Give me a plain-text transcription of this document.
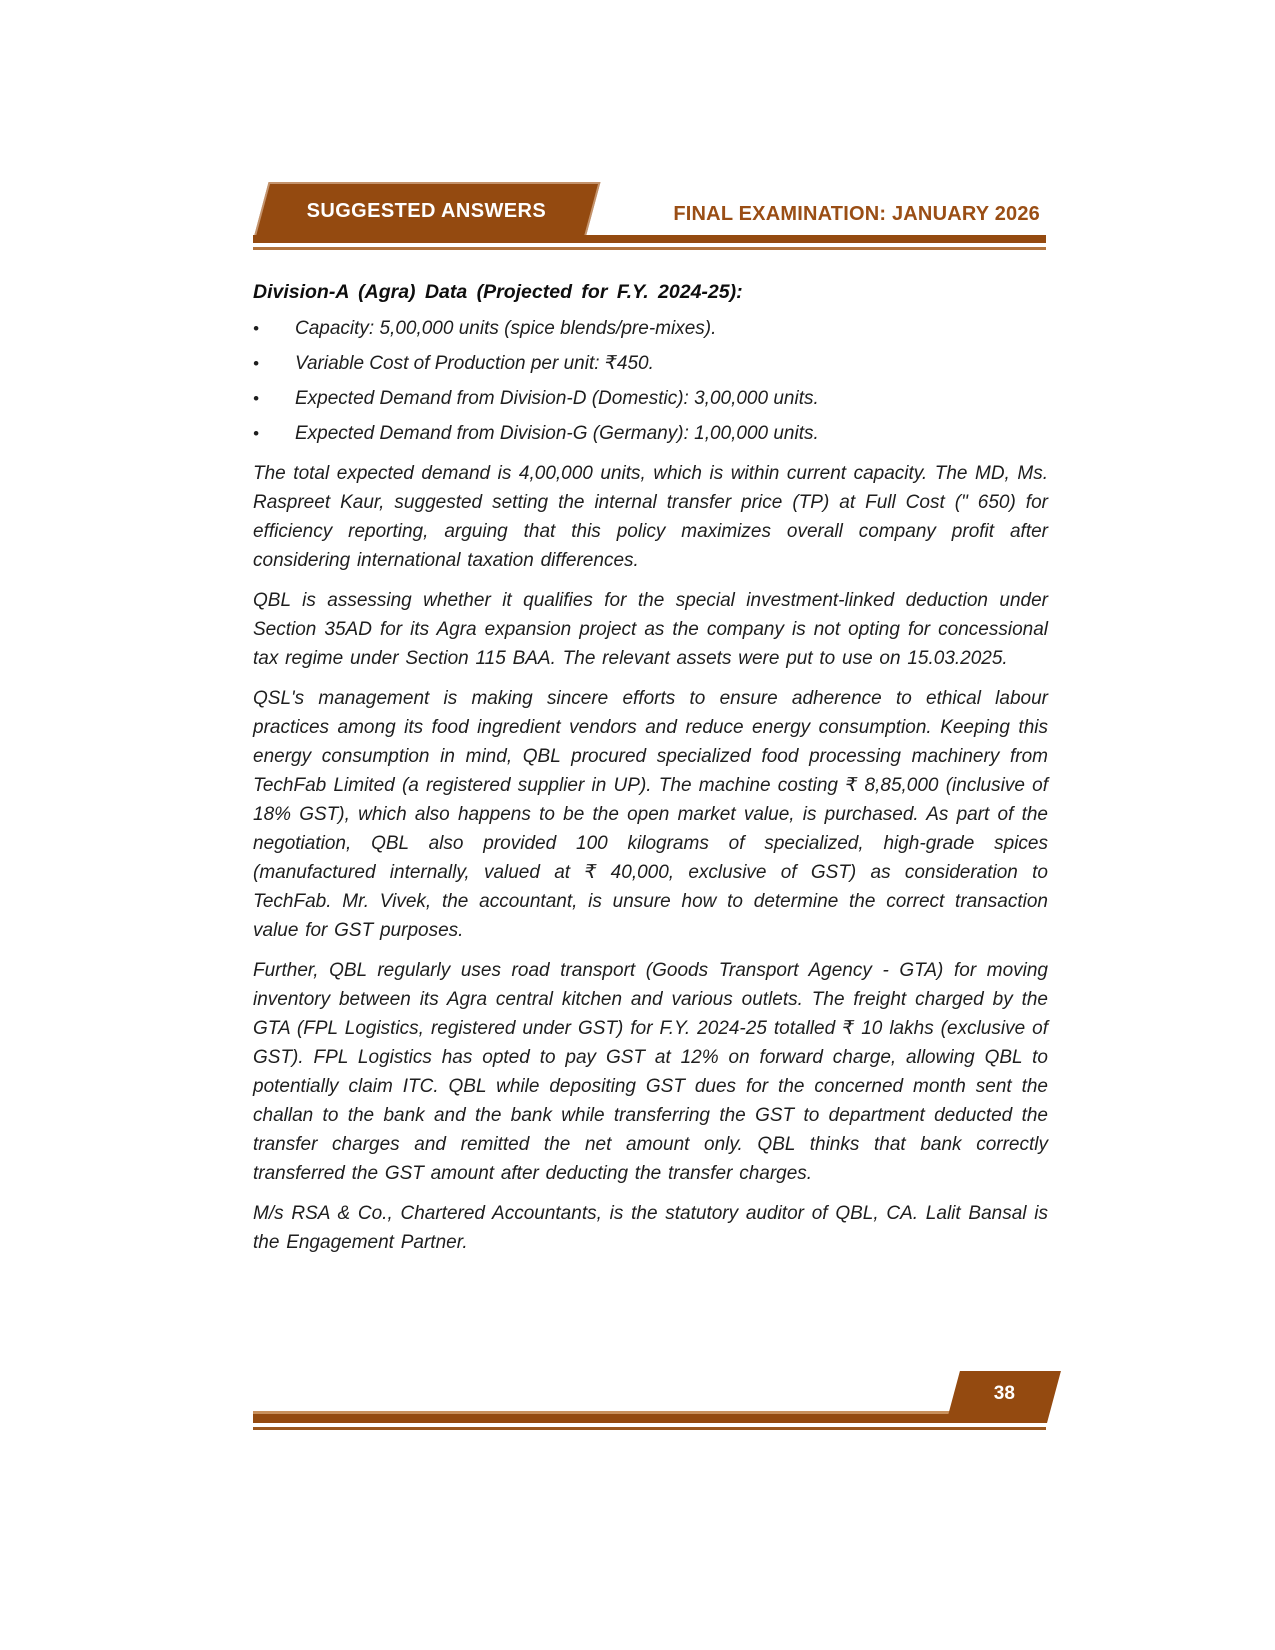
SUGGESTED ANSWERS	FINAL EXAMINATION: JANUARY 2026
Division-A (Agra) Data (Projected for F.Y. 2024-25):
•
Capacity: 5,00,000 units (spice blends/pre-mixes).
•
Variable Cost of Production per unit: ₹450.
•
Expected Demand from Division-D (Domestic): 3,00,000 units.
•
Expected Demand from Division-G (Germany): 1,00,000 units.

The total expected demand is 4,00,000 units, which is within current capacity. The MD, Ms. Raspreet Kaur, suggested setting the internal transfer price (TP) at Full Cost (" 650) for efficiency reporting, arguing that this policy maximizes overall company profit after considering international taxation differences.

QBL is assessing whether it qualifies for the special investment-linked deduction under Section 35AD for its Agra expansion project as the company is not opting for concessional tax regime under Section 115 BAA. The relevant assets were put to use on 15.03.2025.

QSL's management is making sincere efforts to ensure adherence to ethical labour practices among its food ingredient vendors and reduce energy consumption. Keeping this energy consumption in mind, QBL procured specialized food processing machinery from TechFab Limited (a registered supplier in UP). The machine costing ₹ 8,85,000 (inclusive of 18% GST), which also happens to be the open market value, is purchased. As part of the negotiation, QBL also provided 100 kilograms of specialized, high-grade spices (manufactured internally, valued at ₹ 40,000, exclusive of GST) as consideration to TechFab. Mr. Vivek, the accountant, is unsure how to determine the correct transaction value for GST purposes.

Further, QBL regularly uses road transport (Goods Transport Agency - GTA) for moving inventory between its Agra central kitchen and various outlets. The freight charged by the GTA (FPL Logistics, registered under GST) for F.Y. 2024-25 totalled ₹ 10 lakhs (exclusive of GST). FPL Logistics has opted to pay GST at 12% on forward charge, allowing QBL to potentially claim ITC. QBL while depositing GST dues for the concerned month sent the challan to the bank and the bank while transferring the GST to department deducted the transfer charges and remitted the net amount only. QBL thinks that bank correctly transferred the GST amount after deducting the transfer charges.

M/s RSA & Co., Chartered Accountants, is the statutory auditor of QBL, CA. Lalit Bansal is the Engagement Partner.

38
